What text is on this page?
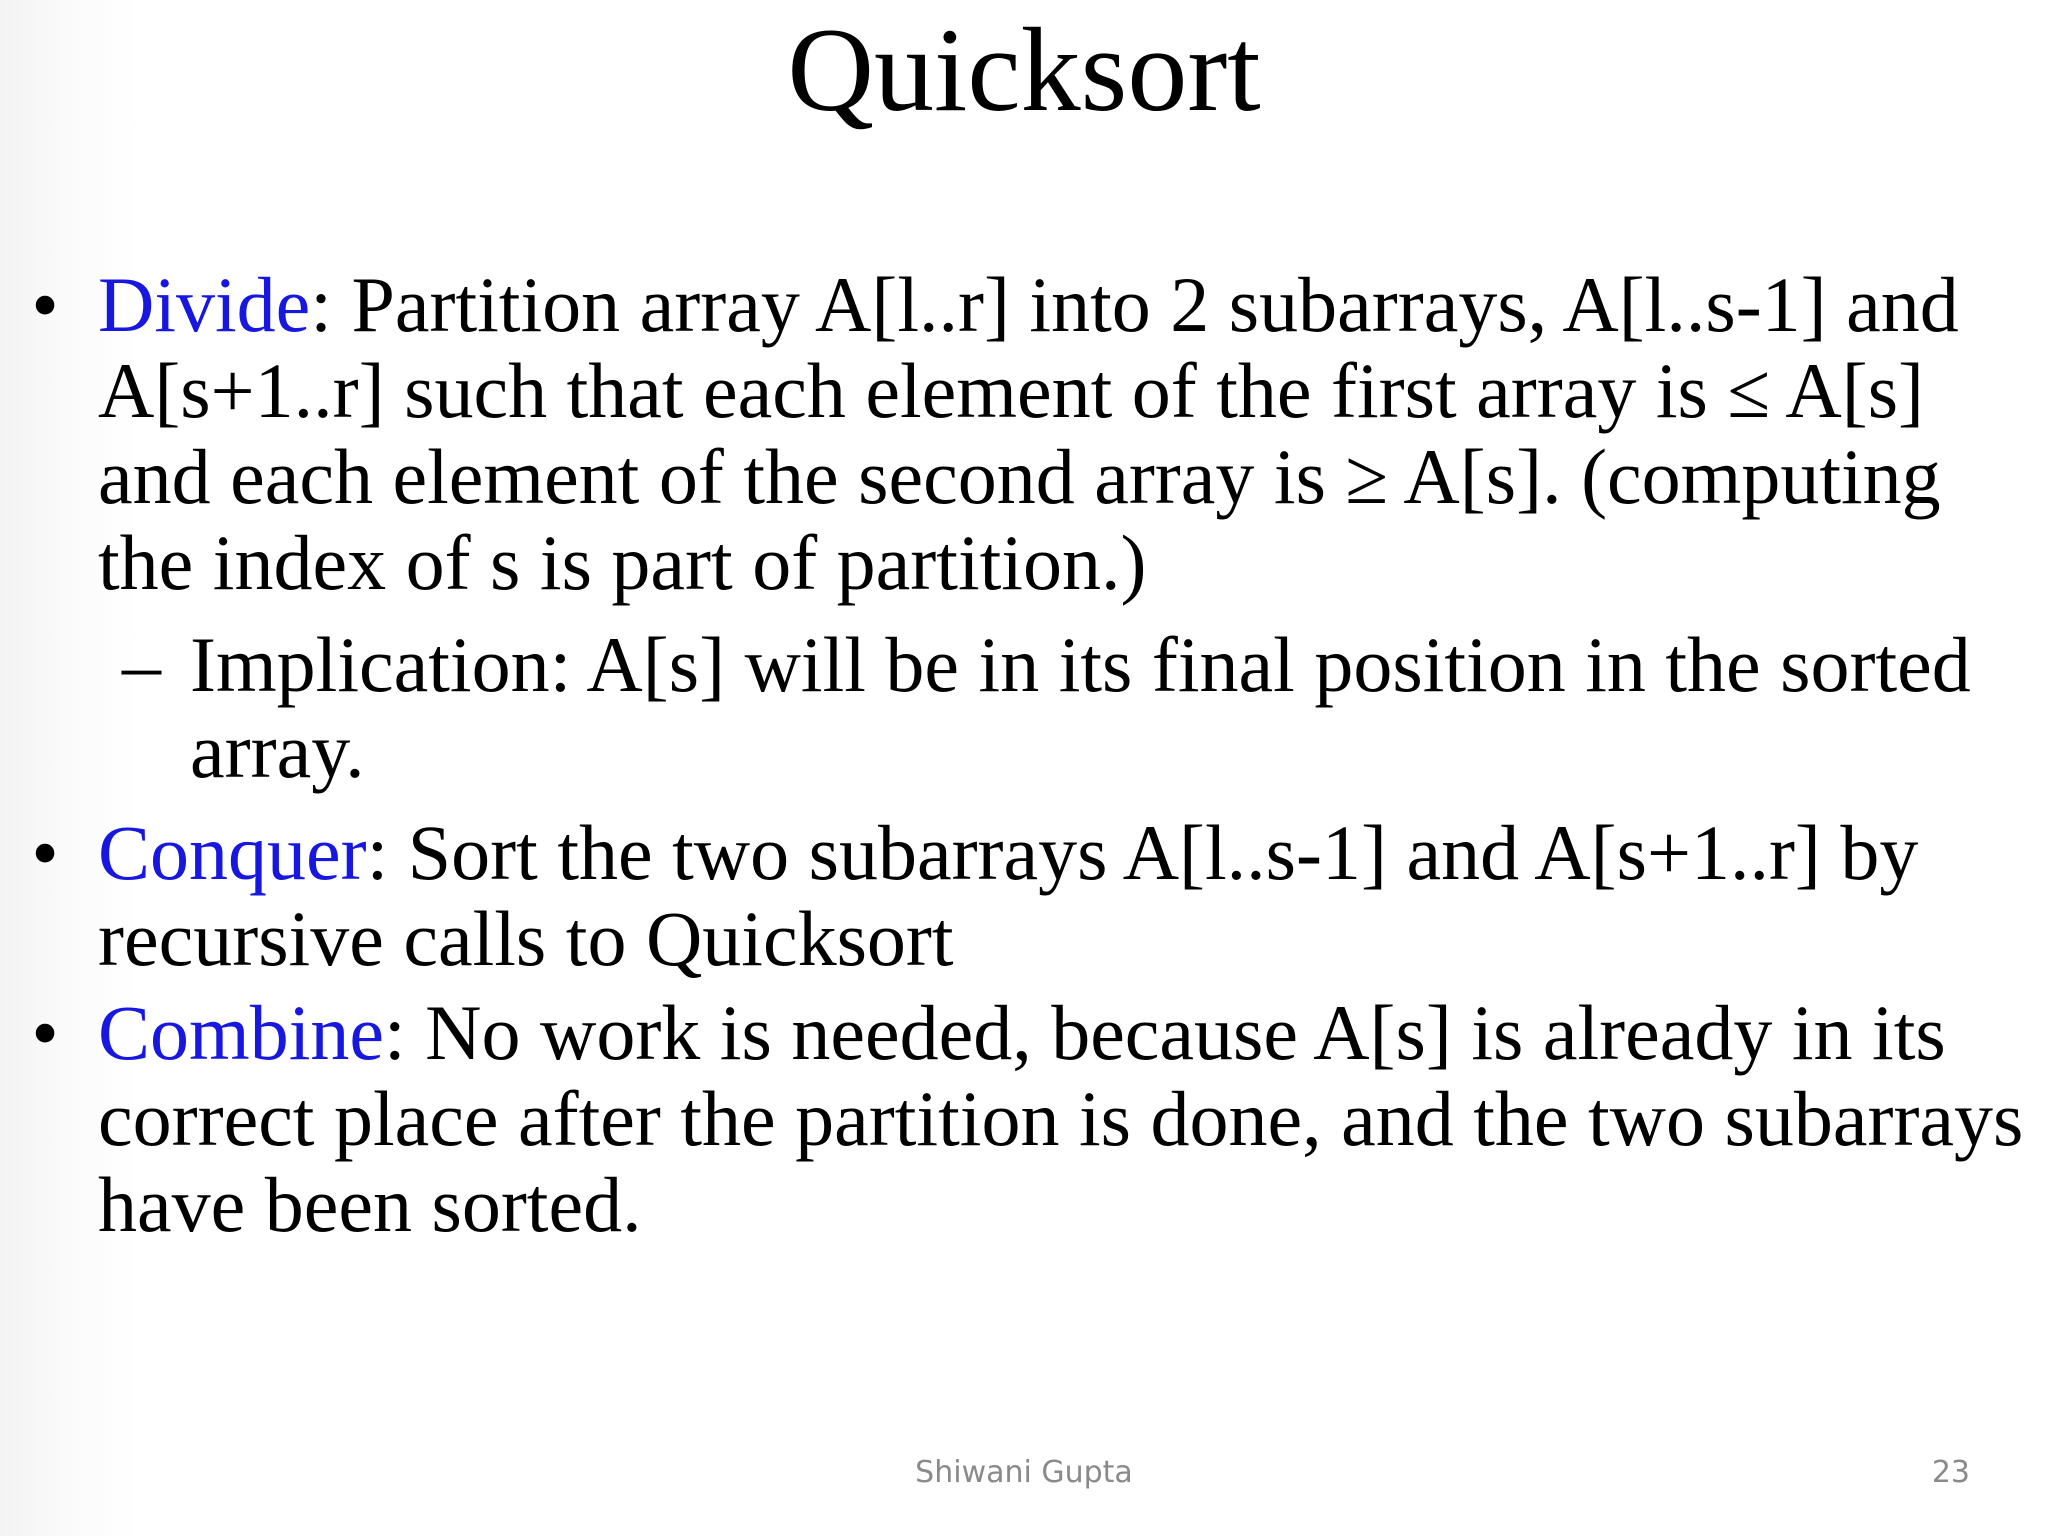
Quicksort
• Divide: Partition array A[l..r] into 2 subarrays, A[l..s-1] and A[s+1..r] such that each element of the first array is ≤ A[s] and each element of the second array is ≥ A[s]. (computing the index of s is part of partition.)
– Implication: A[s] will be in its final position in the sorted array.
• Conquer: Sort the two subarrays A[l..s-1] and A[s+1..r] by recursive calls to Quicksort
• Combine: No work is needed, because A[s] is already in its correct place after the partition is done, and the two subarrays have been sorted.
Shiwani Gupta	23
